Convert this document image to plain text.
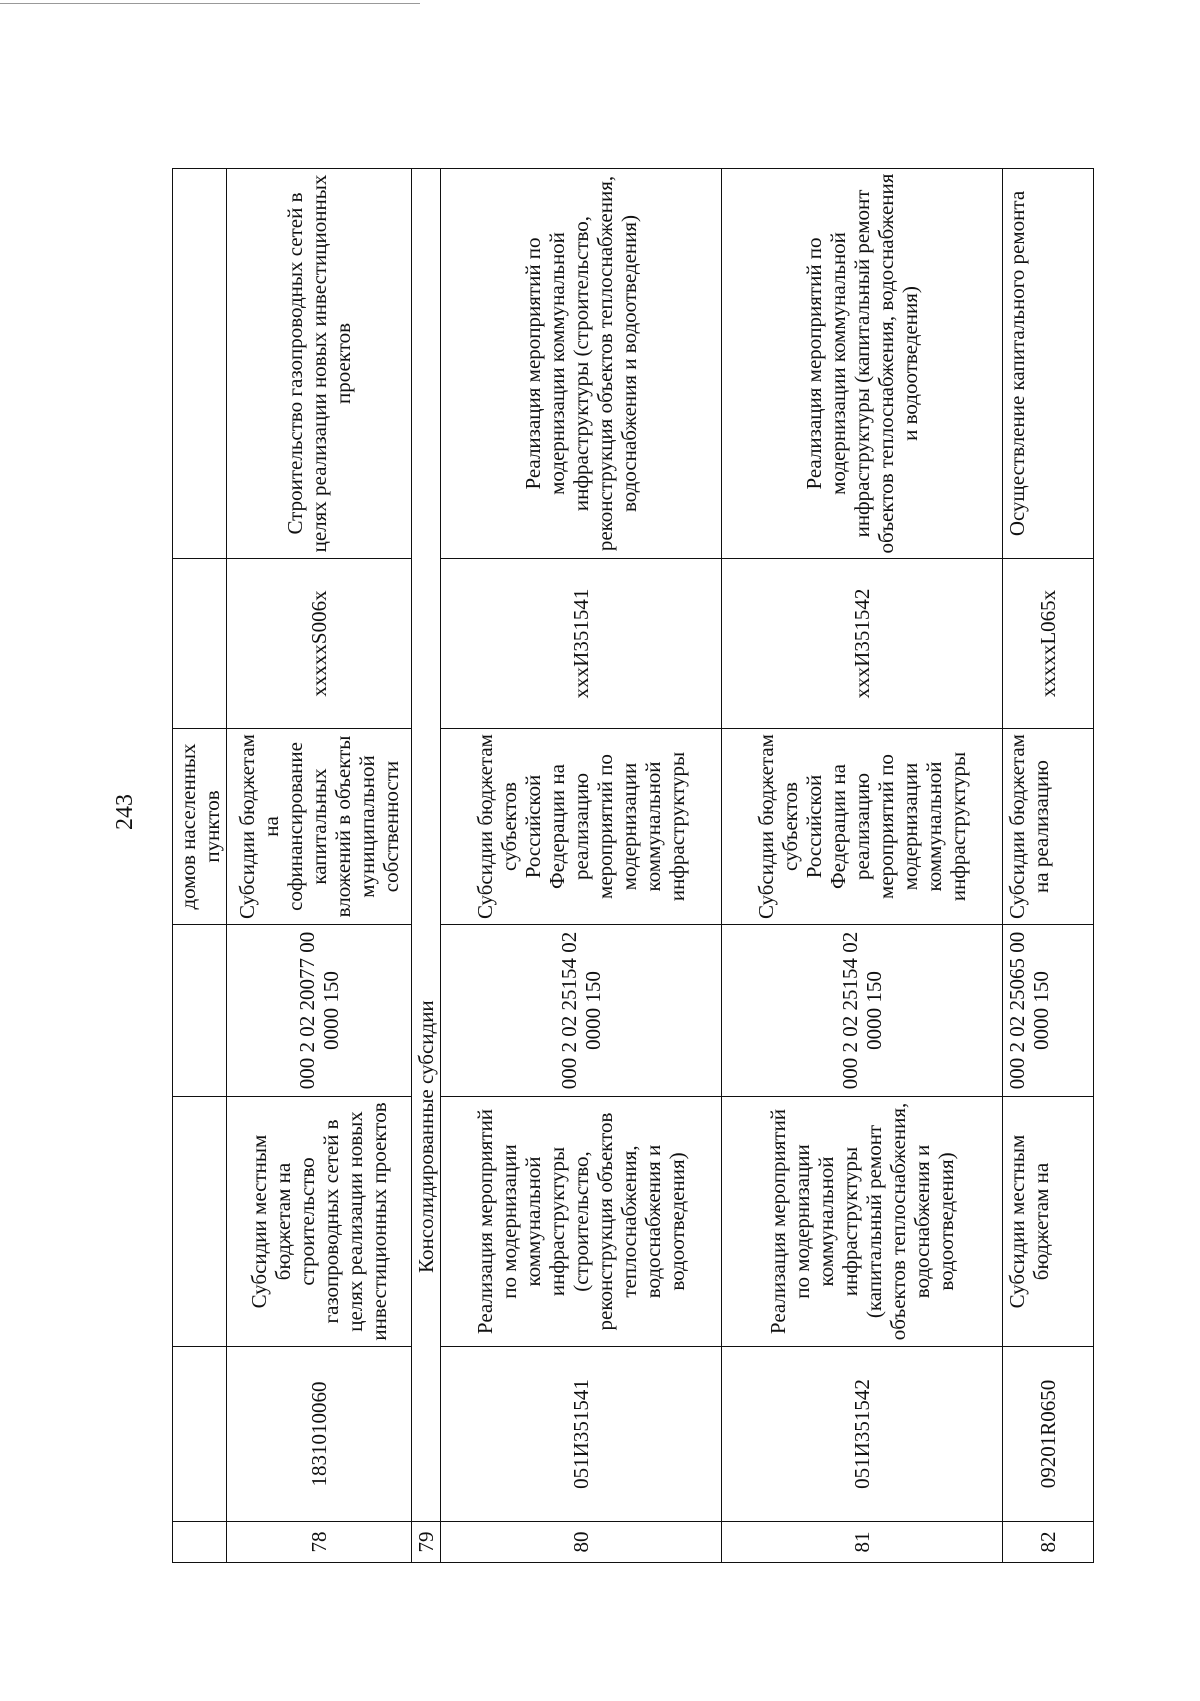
243
				домов населенных пунктов		
78	1831010060	Субсидии местным бюджетам на строительство газопроводных сетей в целях реализации новых инвестиционных проектов	000 2 02 20077 00 0000 150	Субсидии бюджетам на софинансирование капитальных вложений в объекты муниципальной собственности	xxxxxS006x	Строительство газопроводных сетей в целях реализации новых инвестиционных проектов
79	Консолидированные субсидии					
80	051И351541	Реализация мероприятий по модернизации коммунальной инфраструктуры (строительство, реконструкция объектов теплоснабжения, водоснабжения и водоотведения)	000 2 02 25154 02 0000 150	Субсидии бюджетам субъектов Российской Федерации на реализацию мероприятий по модернизации коммунальной инфраструктуры	xxxИ351541	Реализация мероприятий по модернизации коммунальной инфраструктуры (строительство, реконструкция объектов теплоснабжения, водоснабжения и водоотведения)
81	051И351542	Реализация мероприятий по модернизации коммунальной инфраструктуры (капитальный ремонт объектов теплоснабжения, водоснабжения и водоотведения)	000 2 02 25154 02 0000 150	Субсидии бюджетам субъектов Российской Федерации на реализацию мероприятий по модернизации коммунальной инфраструктуры	xxxИ351542	Реализация мероприятий по модернизации коммунальной инфраструктуры (капитальный ремонт объектов теплоснабжения, водоснабжения и водоотведения)
82	09201R0650	Субсидии местным бюджетам на	000 2 02 25065 00 0000 150	Субсидии бюджетам на реализацию	xxxxxL065x	Осуществление капитального ремонта
